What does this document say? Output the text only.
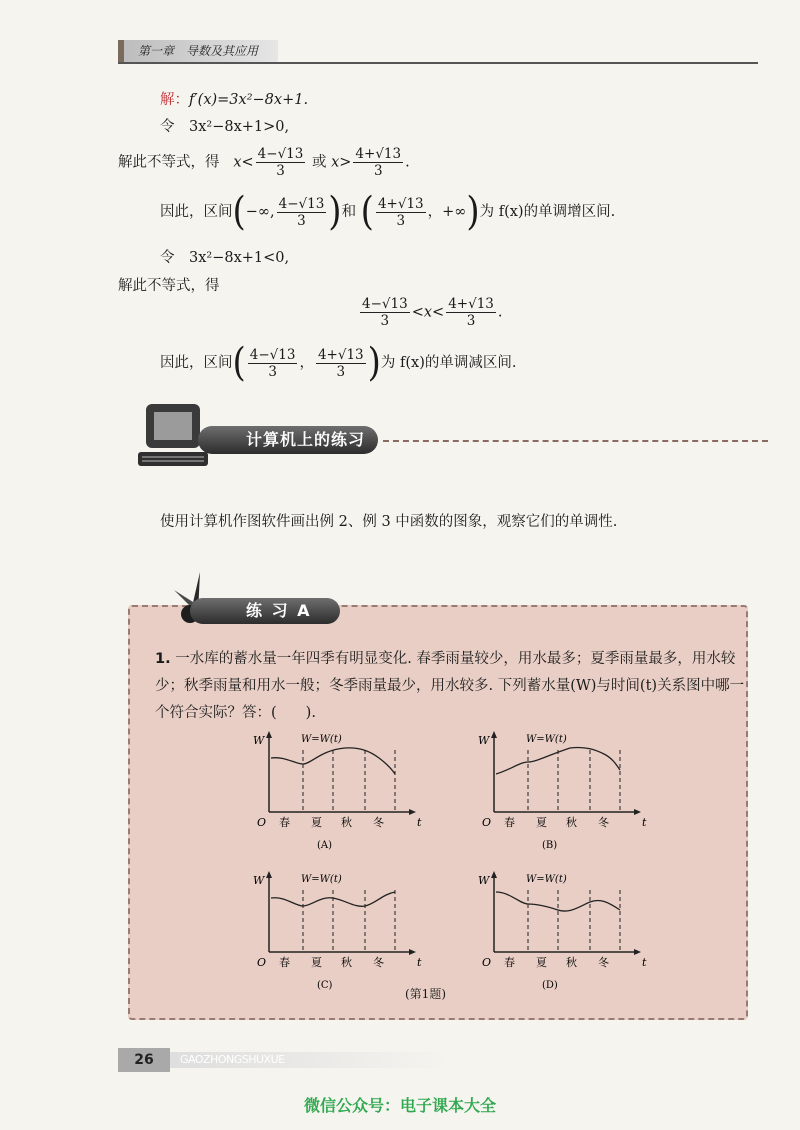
第一章　导数及其应用
解：f′(x)=3x²−8x+1.
令　3x²−8x+1>0,
解此不等式，得 $x< \frac{4-√13}{3}$ 或 $x> \frac{4+√13}{3}$ .
因此，区间(−∞, $\frac{4-√13}{3}$ )和 ( $\frac{4+√13}{3}$ ，+∞)为 f(x)的单调增区间.
令　3x²−8x+1<0,
解此不等式，得
$\frac{4-√13}{3} <x< \frac{4+√13}{3}$ .
因此，区间( $\frac{4-√13}{3}$ ， $\frac{4+√13}{3}$ )为 f(x)的单调减区间.
计算机上的练习
使用计算机作图软件画出例 2、例 3 中函数的图象，观察它们的单调性.
练 习 A
1. 一水库的蓄水量一年四季有明显变化. 春季雨量较少，用水最多；夏季雨量最多，用水较少；秋季雨量和用水一般；冬季雨量最少，用水较多. 下列蓄水量(W)与时间(t)关系图中哪一个符合实际？答：(　　).
W
t
O
W=W(t)
春 夏 秋 冬
(A)
W
t
O
W=W(t)
春 夏 秋 冬
(B)
W
t
O
W=W(t)
春 夏 秋 冬
(C)
W
t
O
W=W(t)
春 夏 秋 冬
(D)
(第1题)
26	GAOZHONGSHUXUE
微信公众号：电子课本大全
